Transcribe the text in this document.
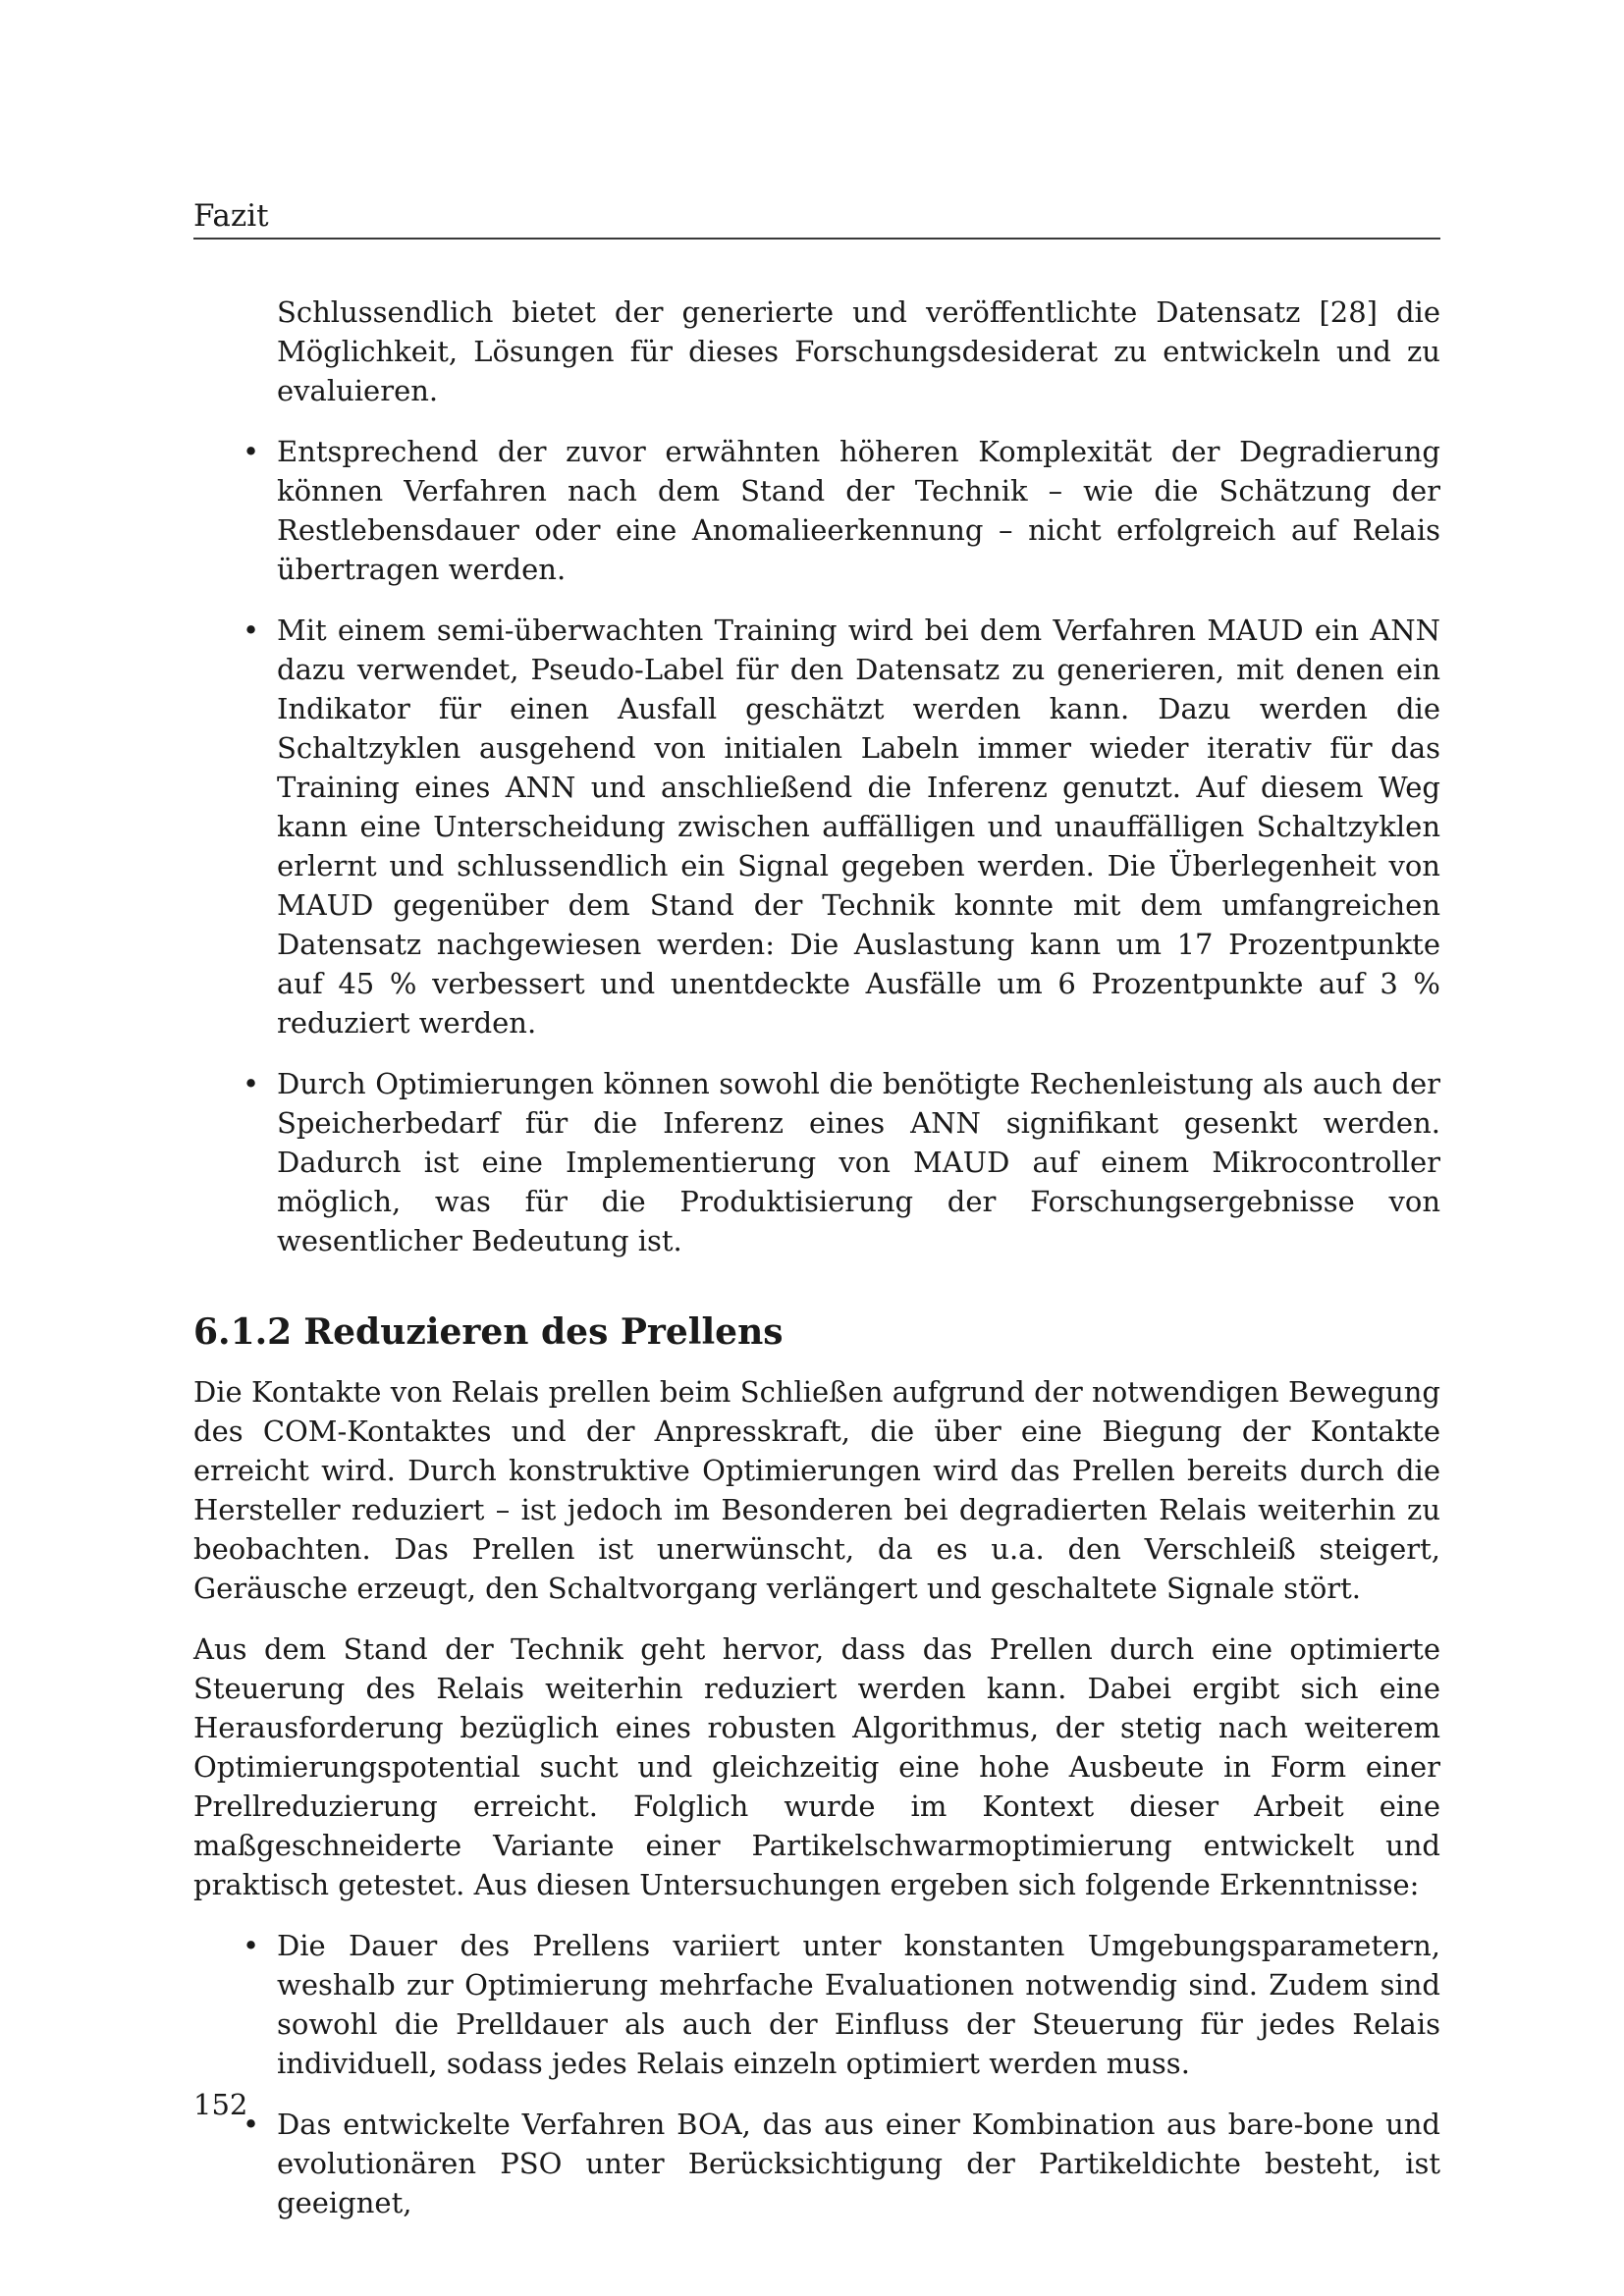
Fazit

Schlussendlich bietet der generierte und veröffentlichte Datensatz [28] die Möglichkeit, Lösungen für dieses Forschungsdesiderat zu entwickeln und zu evaluieren.

• Entsprechend der zuvor erwähnten höheren Komplexität der Degradierung können Verfahren nach dem Stand der Technik – wie die Schätzung der Restlebensdauer oder eine Anomalieerkennung – nicht erfolgreich auf Relais übertragen werden.
• Mit einem semi-überwachten Training wird bei dem Verfahren MAUD ein ANN dazu verwendet, Pseudo-Label für den Datensatz zu generieren, mit denen ein Indikator für einen Ausfall geschätzt werden kann. Dazu werden die Schaltzyklen ausgehend von initialen Labeln immer wieder iterativ für das Training eines ANN und anschließend die Inferenz genutzt. Auf diesem Weg kann eine Unterscheidung zwischen auffälligen und unauffälligen Schaltzyklen erlernt und schlussendlich ein Signal gegeben werden. Die Überlegenheit von MAUD gegenüber dem Stand der Technik konnte mit dem umfangreichen Datensatz nachgewiesen werden: Die Auslastung kann um 17 Prozentpunkte auf 45 % verbessert und unentdeckte Ausfälle um 6 Prozentpunkte auf 3 % reduziert werden.
• Durch Optimierungen können sowohl die benötigte Rechenleistung als auch der Speicherbedarf für die Inferenz eines ANN signifikant gesenkt werden. Dadurch ist eine Implementierung von MAUD auf einem Mikrocontroller möglich, was für die Produktisierung der Forschungsergebnisse von wesentlicher Bedeutung ist.
6.1.2 Reduzieren des Prellens

Die Kontakte von Relais prellen beim Schließen aufgrund der notwendigen Bewegung des COM-Kontaktes und der Anpresskraft, die über eine Biegung der Kontakte erreicht wird. Durch konstruktive Optimierungen wird das Prellen bereits durch die Hersteller reduziert – ist jedoch im Besonderen bei degradierten Relais weiterhin zu beobachten. Das Prellen ist unerwünscht, da es u.a. den Verschleiß steigert, Geräusche erzeugt, den Schaltvorgang verlängert und geschaltete Signale stört.

Aus dem Stand der Technik geht hervor, dass das Prellen durch eine optimierte Steuerung des Relais weiterhin reduziert werden kann. Dabei ergibt sich eine Herausforderung bezüglich eines robusten Algorithmus, der stetig nach weiterem Optimierungspotential sucht und gleichzeitig eine hohe Ausbeute in Form einer Prellreduzierung erreicht. Folglich wurde im Kontext dieser Arbeit eine maßgeschneiderte Variante einer Partikelschwarmoptimierung entwickelt und praktisch getestet. Aus diesen Untersuchungen ergeben sich folgende Erkenntnisse:

• Die Dauer des Prellens variiert unter konstanten Umgebungsparametern, weshalb zur Optimierung mehrfache Evaluationen notwendig sind. Zudem sind sowohl die Prelldauer als auch der Einfluss der Steuerung für jedes Relais individuell, sodass jedes Relais einzeln optimiert werden muss.
• Das entwickelte Verfahren BOA, das aus einer Kombination aus bare-bone und evolutionären PSO unter Berücksichtigung der Partikeldichte besteht, ist geeignet,
152
